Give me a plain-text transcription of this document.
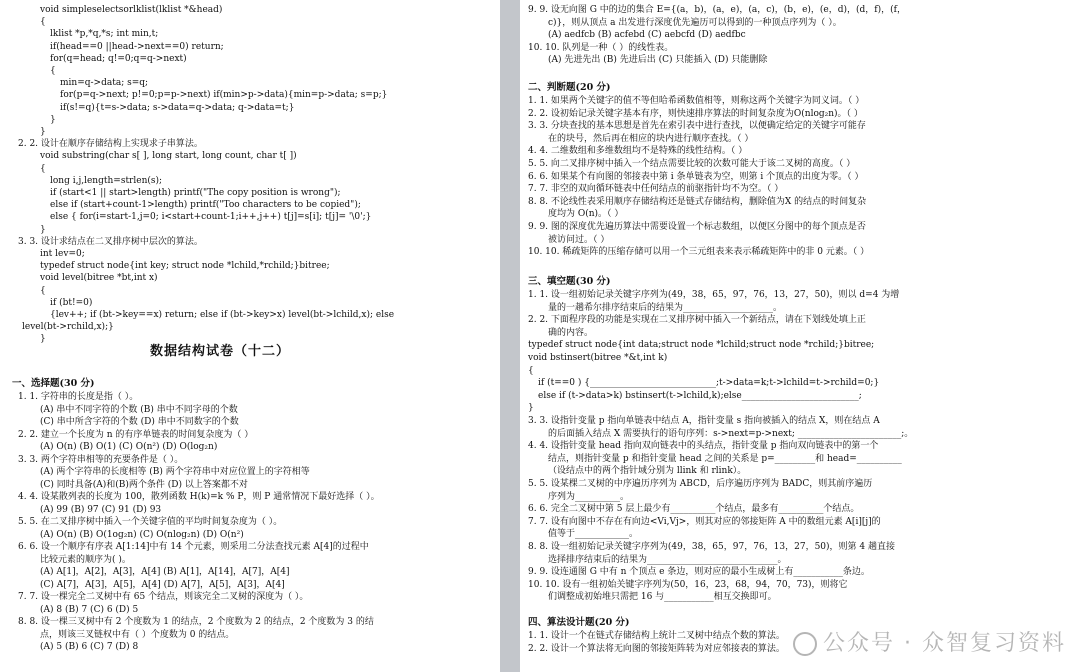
void simpleselectsorlklist(lklist *&head)
{
lklist *p,*q,*s; int min,t;
if(head==0 ||head->next==0) return;
for(q=head; q!=0;q=q->next)
{
min=q->data; s=q;
for(p=q->next; p!=0;p=p->next) if(min>p->data){min=p->data; s=p;}
if(s!=q){t=s->data; s->data=q->data; q->data=t;}
}
}
2. 2. 设计在顺序存储结构上实现求子串算法。
void substring(char s[ ], long start, long count, char t[ ])
{
long i,j,length=strlen(s);
if (start<1 || start>length) printf("The copy position is wrong");
else if (start+count-1>length) printf("Too characters to be copied");
else { for(i=start-1,j=0; i<start+count-1;i++,j++) t[j]=s[i]; t[j]= '\0';}
}
3. 3. 设计求结点在二叉排序树中层次的算法。
int lev=0;
typedef struct node{int key; struct node *lchild,*rchild;}bitree;
void level(bitree *bt,int x)
{
if (bt!=0)
{lev++; if (bt->key==x) return; else if (bt->key>x) level(bt->lchild,x); else
level(bt->rchild,x);}
}
数据结构试卷（十二）
一、选择题(30 分)
1. 1. 字符串的长度是指（ ）。
(A) 串中不同字符的个数 (B) 串中不同字母的个数
(C) 串中所含字符的个数 (D) 串中不同数字的个数
2. 2. 建立一个长度为 n 的有序单链表的时间复杂度为（ ）
(A) O(n) (B) O(1) (C) O(n²) (D) O(log₂n)
3. 3. 两个字符串相等的充要条件是（ ）。
(A) 两个字符串的长度相等 (B) 两个字符串中对应位置上的字符相等
(C) 同时具备(A)和(B)两个条件 (D) 以上答案都不对
4. 4. 设某散列表的长度为 100，散列函数 H(k)=k % P，则 P 通常情况下最好选择（ ）。
(A) 99 (B) 97 (C) 91 (D) 93
5. 5. 在二叉排序树中插入一个关键字值的平均时间复杂度为（ ）。
(A) O(n) (B) O(1og₂n) (C) O(nlog₂n) (D) O(n²)
6. 6. 设一个顺序有序表 A[1:14]中有 14 个元素，则采用二分法查找元素 A[4]的过程中
比较元素的顺序为( )。
(A) A[1]，A[2]，A[3]，A[4] (B) A[1]，A[14]，A[7]，A[4]
(C) A[7]，A[3]，A[5]，A[4] (D) A[7]，A[5]，A[3]，A[4]
7. 7. 设一棵完全二叉树中有 65 个结点，则该完全二叉树的深度为（ ）。
(A) 8 (B) 7 (C) 6 (D) 5
8. 8. 设一棵三叉树中有 2 个度数为 1 的结点，2 个度数为 2 的结点，2 个度数为 3 的结
点，则该三叉链权中有（ ）个度数为 0 的结点。
(A) 5 (B) 6 (C) 7 (D) 8	公众号 · 众智复习资料
9. 9. 设无向图 G 中的边的集合 E={(a，b)，(a，e)，(a，c)，(b，e)，(e，d)，(d，f)，(f，
c)}，则从顶点 a 出发进行深度优先遍历可以得到的一种顶点序列为（ ）。
(A) aedfcb (B) acfebd (C) aebcfd (D) aedfbc
10. 10. 队列是一种（ ）的线性表。
(A) 先进先出 (B) 先进后出 (C) 只能插入 (D) 只能删除
二、判断题(20 分)
1. 1. 如果两个关键字的值不等但哈希函数值相等，则称这两个关键字为同义词。（ ）
2. 2. 设初始记录关键字基本有序，则快速排序算法的时间复杂度为O(nlog₂n)。（ ）
3. 3. 分块查找的基本思想是首先在索引表中进行查找，以便确定给定的关键字可能存
在的块号，然后再在相应的块内进行顺序查找。（ ）
4. 4. 二维数组和多维数组均不是特殊的线性结构。（ ）
5. 5. 向二叉排序树中插入一个结点需要比较的次数可能大于该二叉树的高度。（ ）
6. 6. 如果某个有向图的邻接表中第 i 条单链表为空，则第 i 个顶点的出度为零。（ ）
7. 7. 非空的双向循环链表中任何结点的前驱指针均不为空。（ ）
8. 8. 不论线性表采用顺序存储结构还是链式存储结构，删除值为X 的结点的时间复杂
度均为 O(n)。（ ）
9. 9. 图的深度优先遍历算法中需要设置一个标志数组，以便区分图中的每个顶点是否
被访问过。（ ）
10. 10. 稀疏矩阵的压缩存储可以用一个三元组表来表示稀疏矩阵中的非 0 元素。（ ）
三、填空题(30 分)
1. 1. 设一组初始记录关键字序列为(49，38，65，97，76，13，27，50)，则以 d=4 为增
量的一趟希尔排序结束后的结果为____________________。
2. 2. 下面程序段的功能是实现在二叉排序树中插入一个新结点，请在下划线处填上正
确的内容。
typedef struct node{int data;struct node *lchild;struct node *rchild;}bitree;
void bstinsert(bitree *&t,int k)
{
if (t==0 ) {____________________________;t->data=k;t->lchild=t->rchild=0;}
else if (t->data>k) bstinsert(t->lchild,k);else__________________________;
}
3. 3. 设指针变量 p 指向单链表中结点 A，指针变量 s 指向被插入的结点 X，则在结点 A
的后面插入结点 X 需要执行的语句序列：s->next=p->next; _______________________;。
4. 4. 设指针变量 head 指向双向链表中的头结点，指针变量 p 指向双向链表中的第一个
结点，则指针变量 p 和指针变量 head 之间的关系是 p=_________和 head=__________
（设结点中的两个指针域分别为 llink 和 rlink）。
5. 5. 设某棵二叉树的中序遍历序列为 ABCD，后序遍历序列为 BADC，则其前序遍历
序列为__________。
6. 6. 完全二叉树中第 5 层上最少有__________个结点，最多有__________个结点。
7. 7. 设有向图中不存在有向边<Vi,Vj>，则其对应的邻接矩阵 A 中的数组元素 A[i][j]的
值等于____________。
8. 8. 设一组初始记录关键字序列为(49，38，65，97，76，13，27，50)，则第 4 趟直接
选择排序结束后的结果为_____________________________。
9. 9. 设连通图 G 中有 n 个顶点 e 条边，则对应的最小生成树上有___________条边。
10. 10. 设有一组初始关键字序列为(50，16，23，68，94，70，73)，则将它
们调整成初始堆只需把 16 与___________相互交换即可。
四、算法设计题(20 分)
1. 1. 设计一个在链式存储结构上统计二叉树中结点个数的算法。
2. 2. 设计一个算法将无向图的邻接矩阵转为对应邻接表的算法。
